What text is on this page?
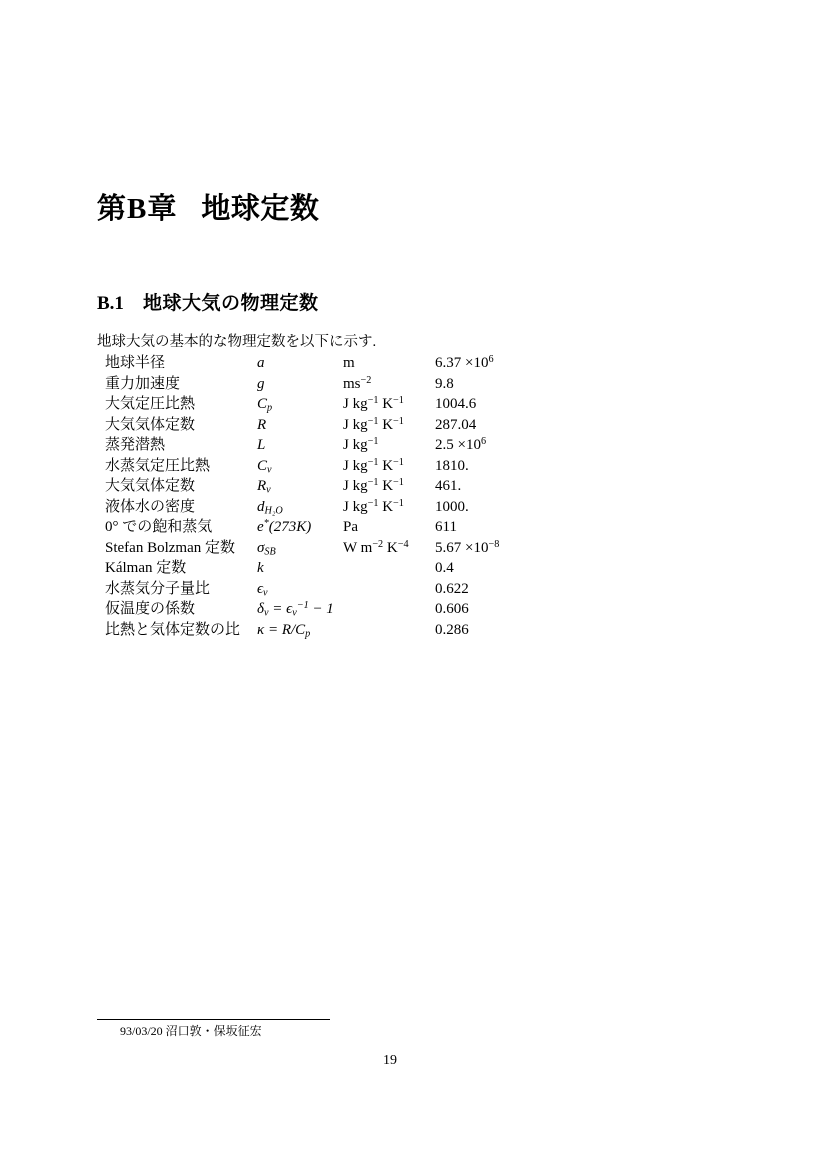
第B章 地球定数
B.1 地球大気の物理定数
地球大気の基本的な物理定数を以下に示す.
地球半径	a	m	$6.37 \times 10^6$
重力加速度	g	$ms^{-2}$	9.8
大気定圧比熱	$C_p$	J $kg^{-1}$ $K^{-1}$	1004.6
大気気体定数	R	J $kg^{-1}$ $K^{-1}$	287.04
蒸発潜熱	L	J $kg^{-1}$	$2.5 \times 10^6$
水蒸気定圧比熱	$C_v$	J $kg^{-1}$ $K^{-1}$	1810.
大気気体定数	$R_v$	J $kg^{-1}$ $K^{-1}$	461.
液体水の密度	$d_{H_2O}$	J $kg^{-1}$ $K^{-1}$	1000.
0° での飽和蒸気	e*(273K)	Pa	611
Stefan Bolzman 定数	$\sigma_{SB}$	W $m^{-2}$ $K^{-4}$	$5.67 \times 10^{-8}$
Kálman 定数	k		0.4
水蒸気分子量比	$\epsilon_v$		0.622
仮温度の係数	$\delta_v = \epsilon_v^{-1} - 1$		0.606
比熱と気体定数の比	$\kappa = R/C_p$		0.286
93/03/20 沼口敦・保坂征宏
19
